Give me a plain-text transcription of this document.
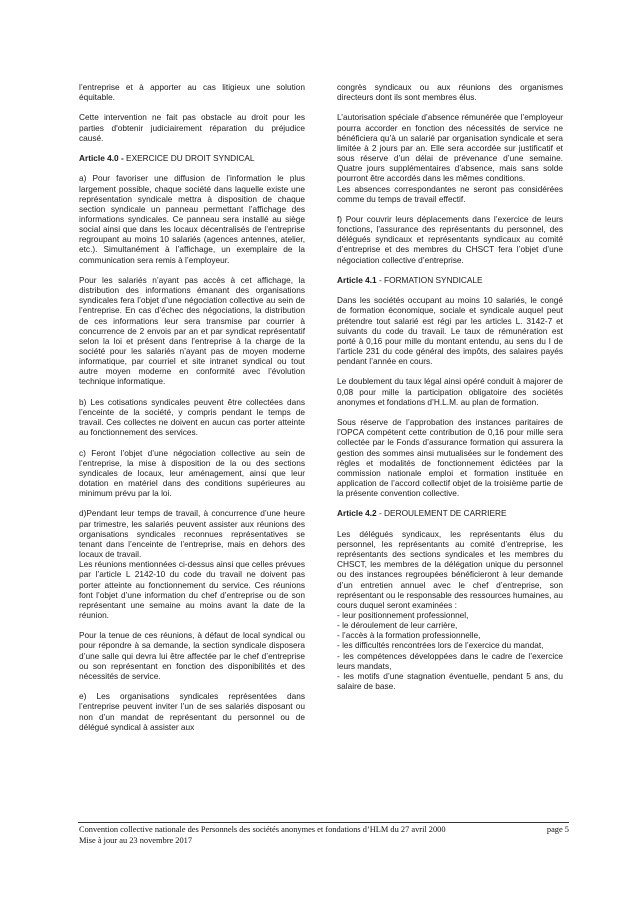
l’entreprise et à apporter au cas litigieux une solution équitable.

Cette intervention ne fait pas obstacle au droit pour les parties d'obtenir judiciairement réparation du préjudice causé.

Article 4.0 - EXERCICE DU DROIT SYNDICAL

a) Pour favoriser une diffusion de l’information le plus largement possible, chaque société dans laquelle existe une représentation syndicale mettra à disposition de chaque section syndicale un panneau permettant l’affichage des informations syndicales. Ce panneau sera installé au siège social ainsi que dans les locaux décentralisés de l’entreprise regroupant au moins 10 salariés (agences antennes, atelier, etc.). Simultanément à l’affichage, un exemplaire de la communication sera remis à l’employeur.

Pour les salariés n’ayant pas accès à cet affichage, la distribution des informations émanant des organisations syndicales fera l’objet d’une négociation collective au sein de l’entreprise. En cas d’échec des négociations, la distribution de ces informations leur sera transmise par courrier à concurrence de 2 envois par an et par syndicat représentatif selon la loi et présent dans l’entreprise à la charge de la société pour les salariés n’ayant pas de moyen moderne informatique, par courriel et site intranet syndical ou tout autre moyen moderne en conformité avec l’évolution technique informatique.

b) Les cotisations syndicales peuvent être collectées dans l’enceinte de la société, y compris pendant le temps de travail. Ces collectes ne doivent en aucun cas porter atteinte au fonctionnement des services.

c) Feront l’objet d’une négociation collective au sein de l’entreprise, la mise à disposition de la ou des sections syndicales de locaux, leur aménagement, ainsi que leur dotation en matériel dans des conditions supérieures au minimum prévu par la loi.

d)Pendant leur temps de travail, à concurrence d’une heure par trimestre, les salariés peuvent assister aux réunions des organisations syndicales reconnues représentatives se tenant dans l’enceinte de l’entreprise, mais en dehors des locaux de travail.

Les réunions mentionnées ci-dessus ainsi que celles prévues par l’article L 2142-10 du code du travail ne doivent pas porter atteinte au fonctionnement du service. Ces réunions font l’objet d’une information du chef d’entreprise ou de son représentant une semaine au moins avant la date de la réunion.

Pour la tenue de ces réunions, à défaut de local syndical ou pour répondre à sa demande, la section syndicale disposera d’une salle qui devra lui être affectée par le chef d’entreprise ou son représentant en fonction des disponibilités et des nécessités de service.

e) Les organisations syndicales représentées dans l’entreprise peuvent inviter l’un de ses salariés disposant ou non d’un mandat de représentant du personnel ou de délégué syndical à assister aux

congrès syndicaux ou aux réunions des organismes directeurs dont ils sont membres élus.

L’autorisation spéciale d’absence rémunérée que l’employeur pourra accorder en fonction des nécessités de service ne bénéficiera qu’à un salarié par organisation syndicale et sera limitée à 2 jours par an. Elle sera accordée sur justificatif et sous réserve d’un délai de prévenance d’une semaine. Quatre jours supplémentaires d’absence, mais sans solde pourront être accordés dans les mêmes conditions.

Les absences correspondantes ne seront pas considérées comme du temps de travail effectif.

f) Pour couvrir leurs déplacements dans l’exercice de leurs fonctions, l’assurance des représentants du personnel, des délégués syndicaux et représentants syndicaux au comité d’entreprise et des membres du CHSCT fera l’objet d’une négociation collective d’entreprise.

Article 4.1 - FORMATION SYNDICALE

Dans les sociétés occupant au moins 10 salariés, le congé de formation économique, sociale et syndicale auquel peut prétendre tout salarié est régi par les articles L. 3142-7 et suivants du code du travail. Le taux de rémunération est porté à 0,16 pour mille du montant entendu, au sens du I de l’article 231 du code général des impôts, des salaires payés pendant l’année en cours.

Le doublement du taux légal ainsi opéré conduit à majorer de 0,08 pour mille la participation obligatoire des sociétés anonymes et fondations d’H.L.M. au plan de formation.

Sous réserve de l’approbation des instances paritaires de l’OPCA compétent cette contribution de 0,16 pour mille sera collectée par le Fonds d’assurance formation qui assurera la gestion des sommes ainsi mutualisées sur le fondement des règles et modalités de fonctionnement édictées par la commission nationale emploi et formation instituée en application de l’accord collectif objet de la troisième partie de la présente convention collective.

Article 4.2 - DEROULEMENT DE CARRIERE

Les délégués syndicaux, les représentants élus du personnel, les représentants au comité d’entreprise, les représentants des sections syndicales et les membres du CHSCT, les membres de la délégation unique du personnel ou des instances regroupées bénéficieront à leur demande d’un entretien annuel avec le chef d’entreprise, son représentant ou le responsable des ressources humaines, au cours duquel seront examinées :

- leur positionnement professionnel,
- le déroulement de leur carrière,
- l’accès à la formation professionnelle,
- les difficultés rencontrées lors de l’exercice du mandat,
- les compétences développées dans le cadre de l’exercice leurs mandats,
- les motifs d’une stagnation éventuelle, pendant 5 ans, du salaire de base.
Convention collective nationale des Personnels des sociétés anonymes et fondations d’HLM du 27 avril 2000	page 5
Mise à jour au 23 novembre 2017
